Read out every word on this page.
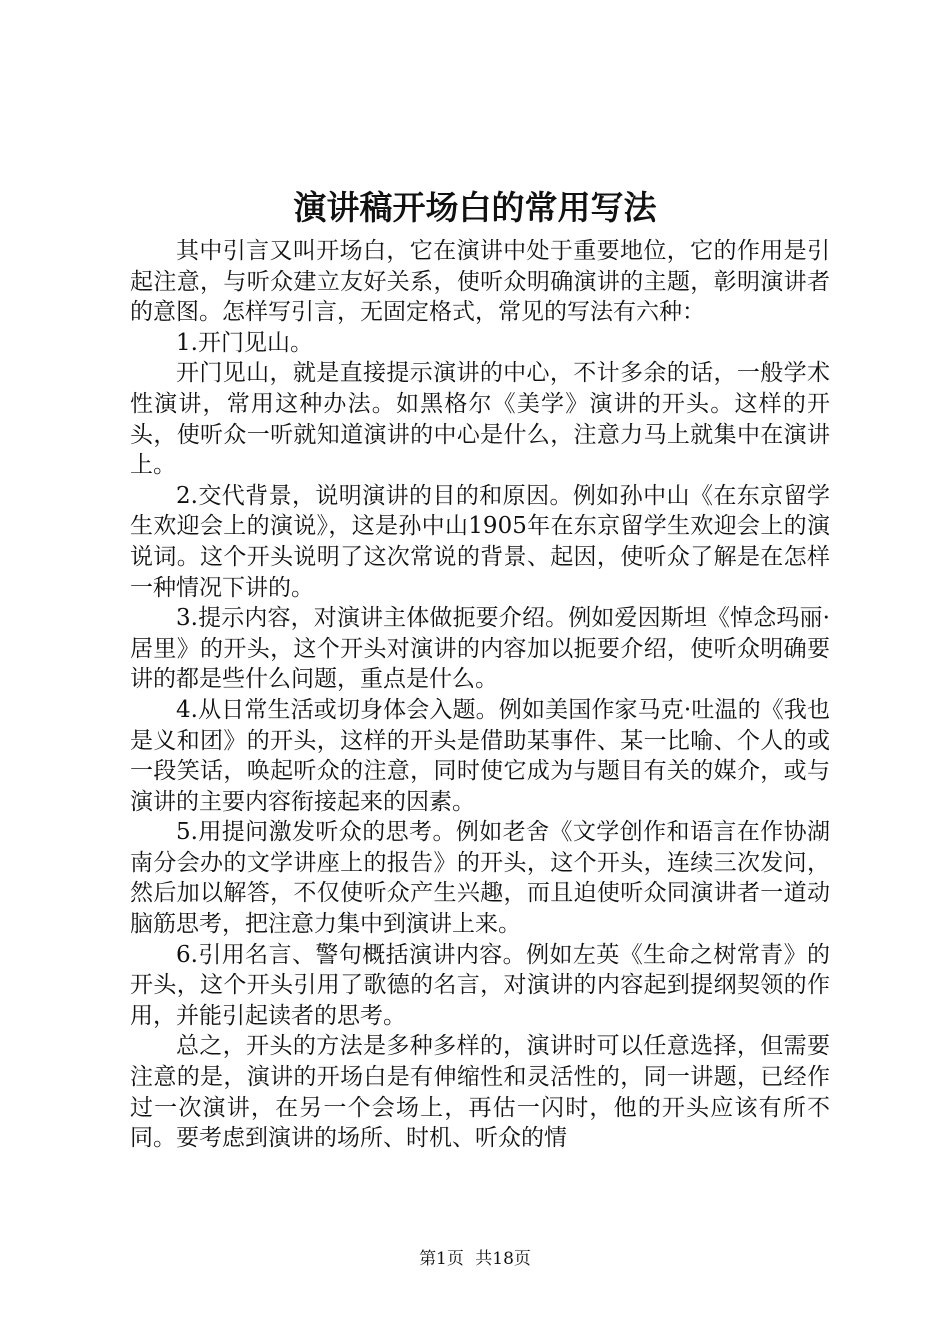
演讲稿开场白的常用写法

其中引言又叫开场白，它在演讲中处于重要地位，它的作用是引起注意，与听众建立友好关系，使听众明确演讲的主题，彰明演讲者的意图。怎样写引言，无固定格式，常见的写法有六种：

1.开门见山。

开门见山，就是直接提示演讲的中心，不计多余的话，一般学术性演讲，常用这种办法。如黑格尔《美学》演讲的开头。这样的开头，使听众一听就知道演讲的中心是什么，注意力马上就集中在演讲上。

2.交代背景，说明演讲的目的和原因。例如孙中山《在东京留学生欢迎会上的演说》，这是孙中山1905年在东京留学生欢迎会上的演说词。这个开头说明了这次常说的背景、起因，使听众了解是在怎样一种情况下讲的。

3.提示内容，对演讲主体做扼要介绍。例如爱因斯坦《悼念玛丽·居里》的开头，这个开头对演讲的内容加以扼要介绍，使听众明确要讲的都是些什么问题，重点是什么。

4.从日常生活或切身体会入题。例如美国作家马克·吐温的《我也是义和团》的开头，这样的开头是借助某事件、某一比喻、个人的或一段笑话，唤起听众的注意，同时使它成为与题目有关的媒介，或与演讲的主要内容衔接起来的因素。

5.用提问激发听众的思考。例如老舍《文学创作和语言在作协湖南分会办的文学讲座上的报告》的开头，这个开头，连续三次发问，然后加以解答，不仅使听众产生兴趣，而且迫使听众同演讲者一道动脑筋思考，把注意力集中到演讲上来。

6.引用名言、警句概括演讲内容。例如左英《生命之树常青》的开头，这个开头引用了歌德的名言，对演讲的内容起到提纲契领的作用，并能引起读者的思考。

总之，开头的方法是多种多样的，演讲时可以任意选择，但需要注意的是，演讲的开场白是有伸缩性和灵活性的，同一讲题，已经作过一次演讲，在另一个会场上，再估一闪时，他的开头应该有所不同。要考虑到演讲的场所、时机、听众的情

第1页 共18页
